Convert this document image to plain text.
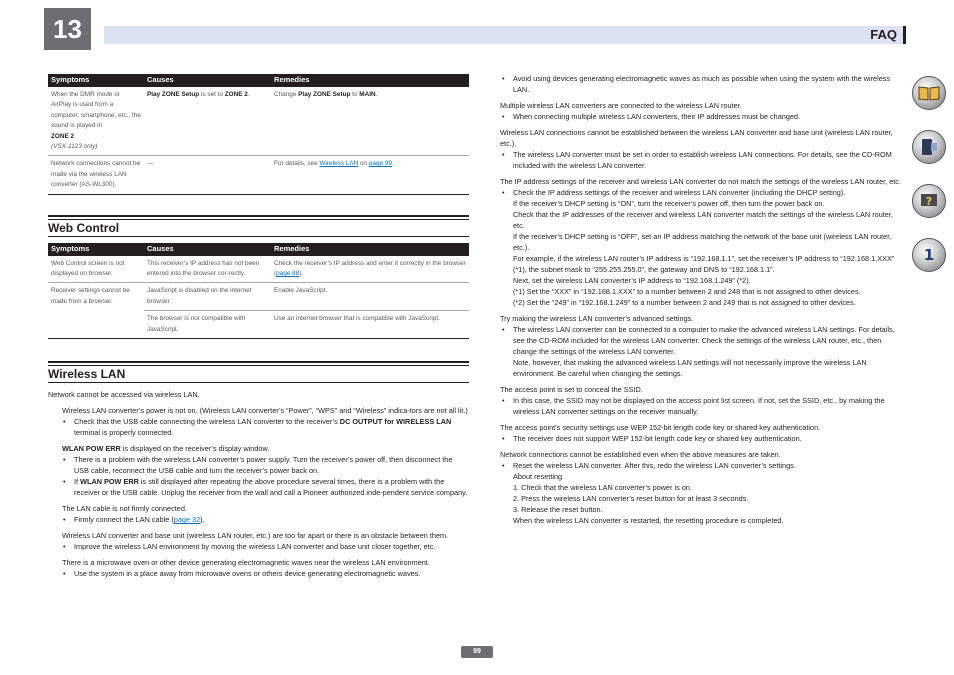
13	FAQ
Symptoms	Causes	Remedies
When the DMR mode or AirPlay is used from a computer, smartphone, etc., the sound is played in
ZONE 2
(VSX-1123 only)	Play ZONE Setup is set to ZONE 2.	Change Play ZONE Setup to MAIN.
Network connections cannot be made via the wireless LAN converter (AS-WL300).	—	For details, see Wireless LAN on page 99.
Web Control
Symptoms	Causes	Remedies
Web Control screen is not displayed on browser.	This receiver’s IP address has not been entered into the browser cor-rectly.	Check the receiver’s IP address and enter it correctly in the browser (page 88).
Receiver settings cannot be made from a browser.	JavaScript is disabled on the internet browser.	Enable JavaScript.
	The browser is not compatible with JavaScript.	Use an internet browser that is compatible with JavaScript.
Wireless LAN
Network cannot be accessed via wireless LAN.
Wireless LAN converter’s power is not on. (Wireless LAN converter’s “Power”, “WPS” and “Wireless” indica-tors are not all lit.)
• Check that the USB cable connecting the wireless LAN converter to the receiver’s DC OUTPUT for WIRELESS LAN terminal is properly connected.
WLAN POW ERR is displayed on the receiver’s display window.
• There is a problem with the wireless LAN converter’s power supply. Turn the receiver’s power off, then disconnect the USB cable, reconnect the USB cable and turn the receiver’s power back on.
• If WLAN POW ERR is still displayed after repeating the above procedure several times, there is a problem with the receiver or the USB cable. Unplug the receiver from the wall and call a Pioneer authorized inde-pendent service company.
The LAN cable is not firmly connected.
• Firmly connect the LAN cable (page 32).
Wireless LAN converter and base unit (wireless LAN router, etc.) are too far apart or there is an obstacle between them.
• Improve the wireless LAN environment by moving the wireless LAN converter and base unit closer together, etc.
There is a microwave oven or other device generating electromagnetic waves near the wireless LAN environment.
• Use the system in a place away from microwave ovens or others device generating electromagnetic waves.
• Avoid using devices generating electromagnetic waves as much as possible when using the system with the wireless LAN.
Multiple wireless LAN converters are connected to the wireless LAN router.
• When connecting multiple wireless LAN converters, their IP addresses must be changed.
Wireless LAN connections cannot be established between the wireless LAN converter and base unit (wireless LAN router, etc.).
• The wireless LAN converter must be set in order to establish wireless LAN connections. For details, see the CD-ROM included with the wireless LAN converter.
The IP address settings of the receiver and wireless LAN converter do not match the settings of the wireless LAN router, etc.
• Check the IP address settings of the receiver and wireless LAN converter (including the DHCP setting).
If the receiver’s DHCP setting is “ON”, turn the receiver’s power off, then turn the power back on.
Check that the IP addresses of the receiver and wireless LAN converter match the settings of the wireless LAN router, etc.
If the receiver’s DHCP setting is “OFF”, set an IP address matching the network of the base unit (wireless LAN router, etc.).
For example, if the wireless LAN router’s IP address is “192.168.1.1”, set the receiver’s IP address to “192.168.1.XXX” (*1), the subnet mask to “255.255.255.0”, the gateway and DNS to “192.168.1.1”.
Next, set the wireless LAN converter’s IP address to “192.168.1.249” (*2).
(*1) Set the “XXX” in “192.168.1.XXX” to a number between 2 and 248 that is not assigned to other devices.
(*2) Set the “249” in “192.168.1.249” to a number between 2 and 249 that is not assigned to other devices.
Try making the wireless LAN converter’s advanced settings.
• The wireless LAN converter can be connected to a computer to make the advanced wireless LAN settings. For details, see the CD-ROM included for the wireless LAN converter. Check the settings of the wireless LAN router, etc., then change the settings of the wireless LAN converter.
Note, however, that making the advanced wireless LAN settings will not necessarily improve the wireless LAN environment. Be careful when changing the settings.
The access point is set to conceal the SSID.
• In this case, the SSID may not be displayed on the access point list screen. If not, set the SSID, etc., by making the wireless LAN converter settings on the receiver manually.
The access point’s security settings use WEP 152-bit length code key or shared key authentication.
• The receiver does not support WEP 152-bit length code key or shared key authentication.
Network connections cannot be established even when the above measures are taken.
• Reset the wireless LAN converter. After this, redo the wireless LAN converter’s settings.
About resetting
1. Check that the wireless LAN converter’s power is on.
2. Press the wireless LAN converter’s reset button for at least 3 seconds.
3. Release the reset button.
When the wireless LAN converter is restarted, the resetting procedure is completed.
?
1
99
